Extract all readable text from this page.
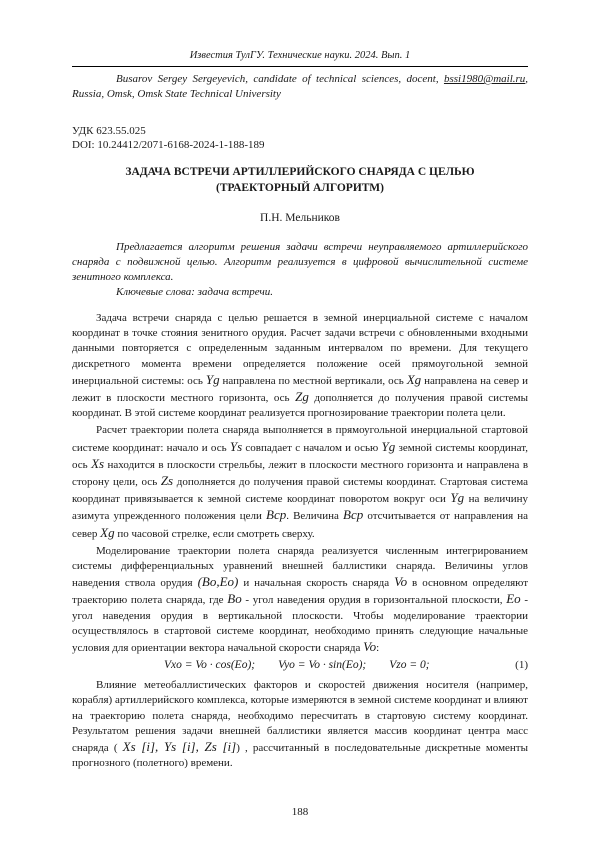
Известия ТулГУ. Технические науки. 2024. Вып. 1
Busarov Sergey Sergeyevich, candidate of technical sciences, docent, bssi1980@mail.ru, Russia, Omsk, Omsk State Technical University
УДК 623.55.025
DOI: 10.24412/2071-6168-2024-1-188-189
ЗАДАЧА ВСТРЕЧИ АРТИЛЛЕРИЙСКОГО СНАРЯДА С ЦЕЛЬЮ
(ТРАЕКТОРНЫЙ АЛГОРИТМ)
П.Н. Мельников

Предлагается алгоритм решения задачи встречи неуправляемого артиллерийского снаряда с подвижной целью. Алгоритм реализуется в цифровой вычислительной системе зенитного комплекса.

Ключевые слова: задача встречи.

Задача встречи снаряда с целью решается в земной инерциальной системе с началом координат в точке стояния зенитного орудия. Расчет задачи встречи с обновленными входными данными повторяется с определенным заданным интервалом по времени. Для текущего дискретного момента времени определяется положение осей прямоугольной земной инерциальной системы: ось Yg направлена по местной вертикали, ось Xg направлена на север и лежит в плоскости местного горизонта, ось Zg дополняется до получения правой системы координат. В этой системе координат реализуется прогнозирование траектории полета цели.

Расчет траектории полета снаряда выполняется в прямоугольной инерциальной стартовой системе координат: начало и ось Ys совпадает с началом и осью Yg земной системы координат, ось Xs находится в плоскости стрельбы, лежит в плоскости местного горизонта и направлена в сторону цели, ось Zs дополняется до получения правой системы координат. Стартовая система координат привязывается к земной системе координат поворотом вокруг оси Yg на величину азимута упрежденного положения цели Bcp. Величина Bcp отсчитывается от направления на север Xg по часовой стрелке, если смотреть сверху.

Моделирование траектории полета снаряда реализуется численным интегрированием системы дифференциальных уравнений внешней баллистики снаряда. Величины углов наведения ствола орудия (Bo,Eo) и начальная скорость снаряда Vo в основном определяют траекторию полета снаряда, где Bo - угол наведения орудия в горизонтальной плоскости, Eo - угол наведения орудия в вертикальной плоскости. Чтобы моделирование траектории осуществлялось в стартовой системе координат, необходимо принять следующие начальные условия для ориентации вектора начальной скорости снаряда Vo:

Vxo = Vo · cos(Eo);        Vyo = Vo · sin(Eo);        Vzo = 0;	(1)

Влияние метеобаллистических факторов и скоростей движения носителя (например, корабля) артиллерийского комплекса, которые измеряются в земной системе координат и влияют на траекторию полета снаряда, необходимо пересчитать в стартовую систему координат. Результатом решения задачи внешней баллистики является массив координат центра масс снаряда ( Xs [i], Ys [i], Zs [i]) , рассчитанный в последовательные дискретные моменты прогнозного (полетного) времени.

188
